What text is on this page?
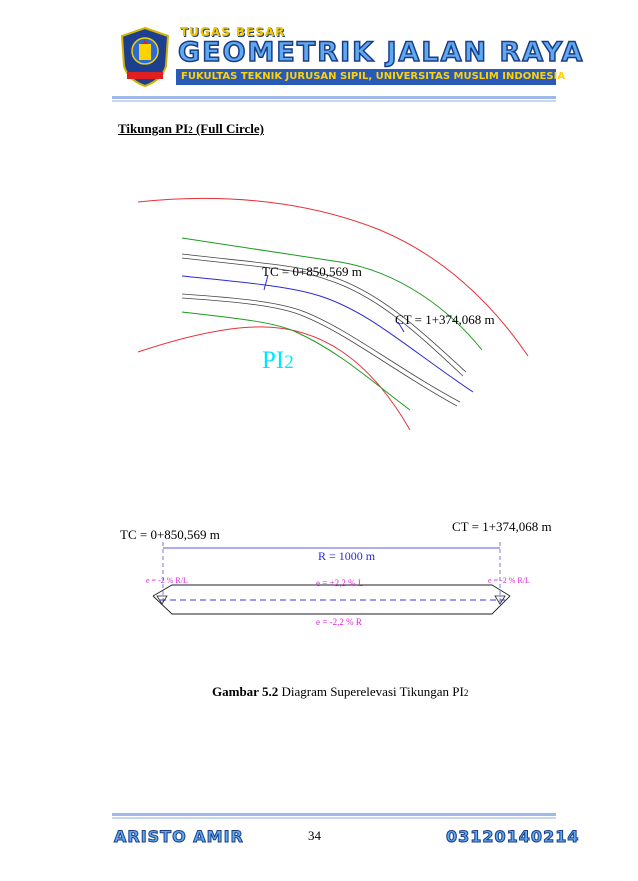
TUGAS BESAR
GEOMETRIK JALAN RAYA
FUKULTAS TEKNIK JURUSAN SIPIL, UNIVERSITAS MUSLIM INDONESIA
Tikungan PI2 (Full Circle)
TC = 0+850,569 m
CT = 1+374,068 m
PI2
TC = 0+850,569 m
CT = 1+374,068 m
R = 1000 m
e = -2 % R/L	e = +2,2 % L	e = -2 % R/L
e = -2,2 % R
Gambar 5.2 Diagram Superelevasi Tikungan PI2
ARISTO AMIR	34	03120140214
